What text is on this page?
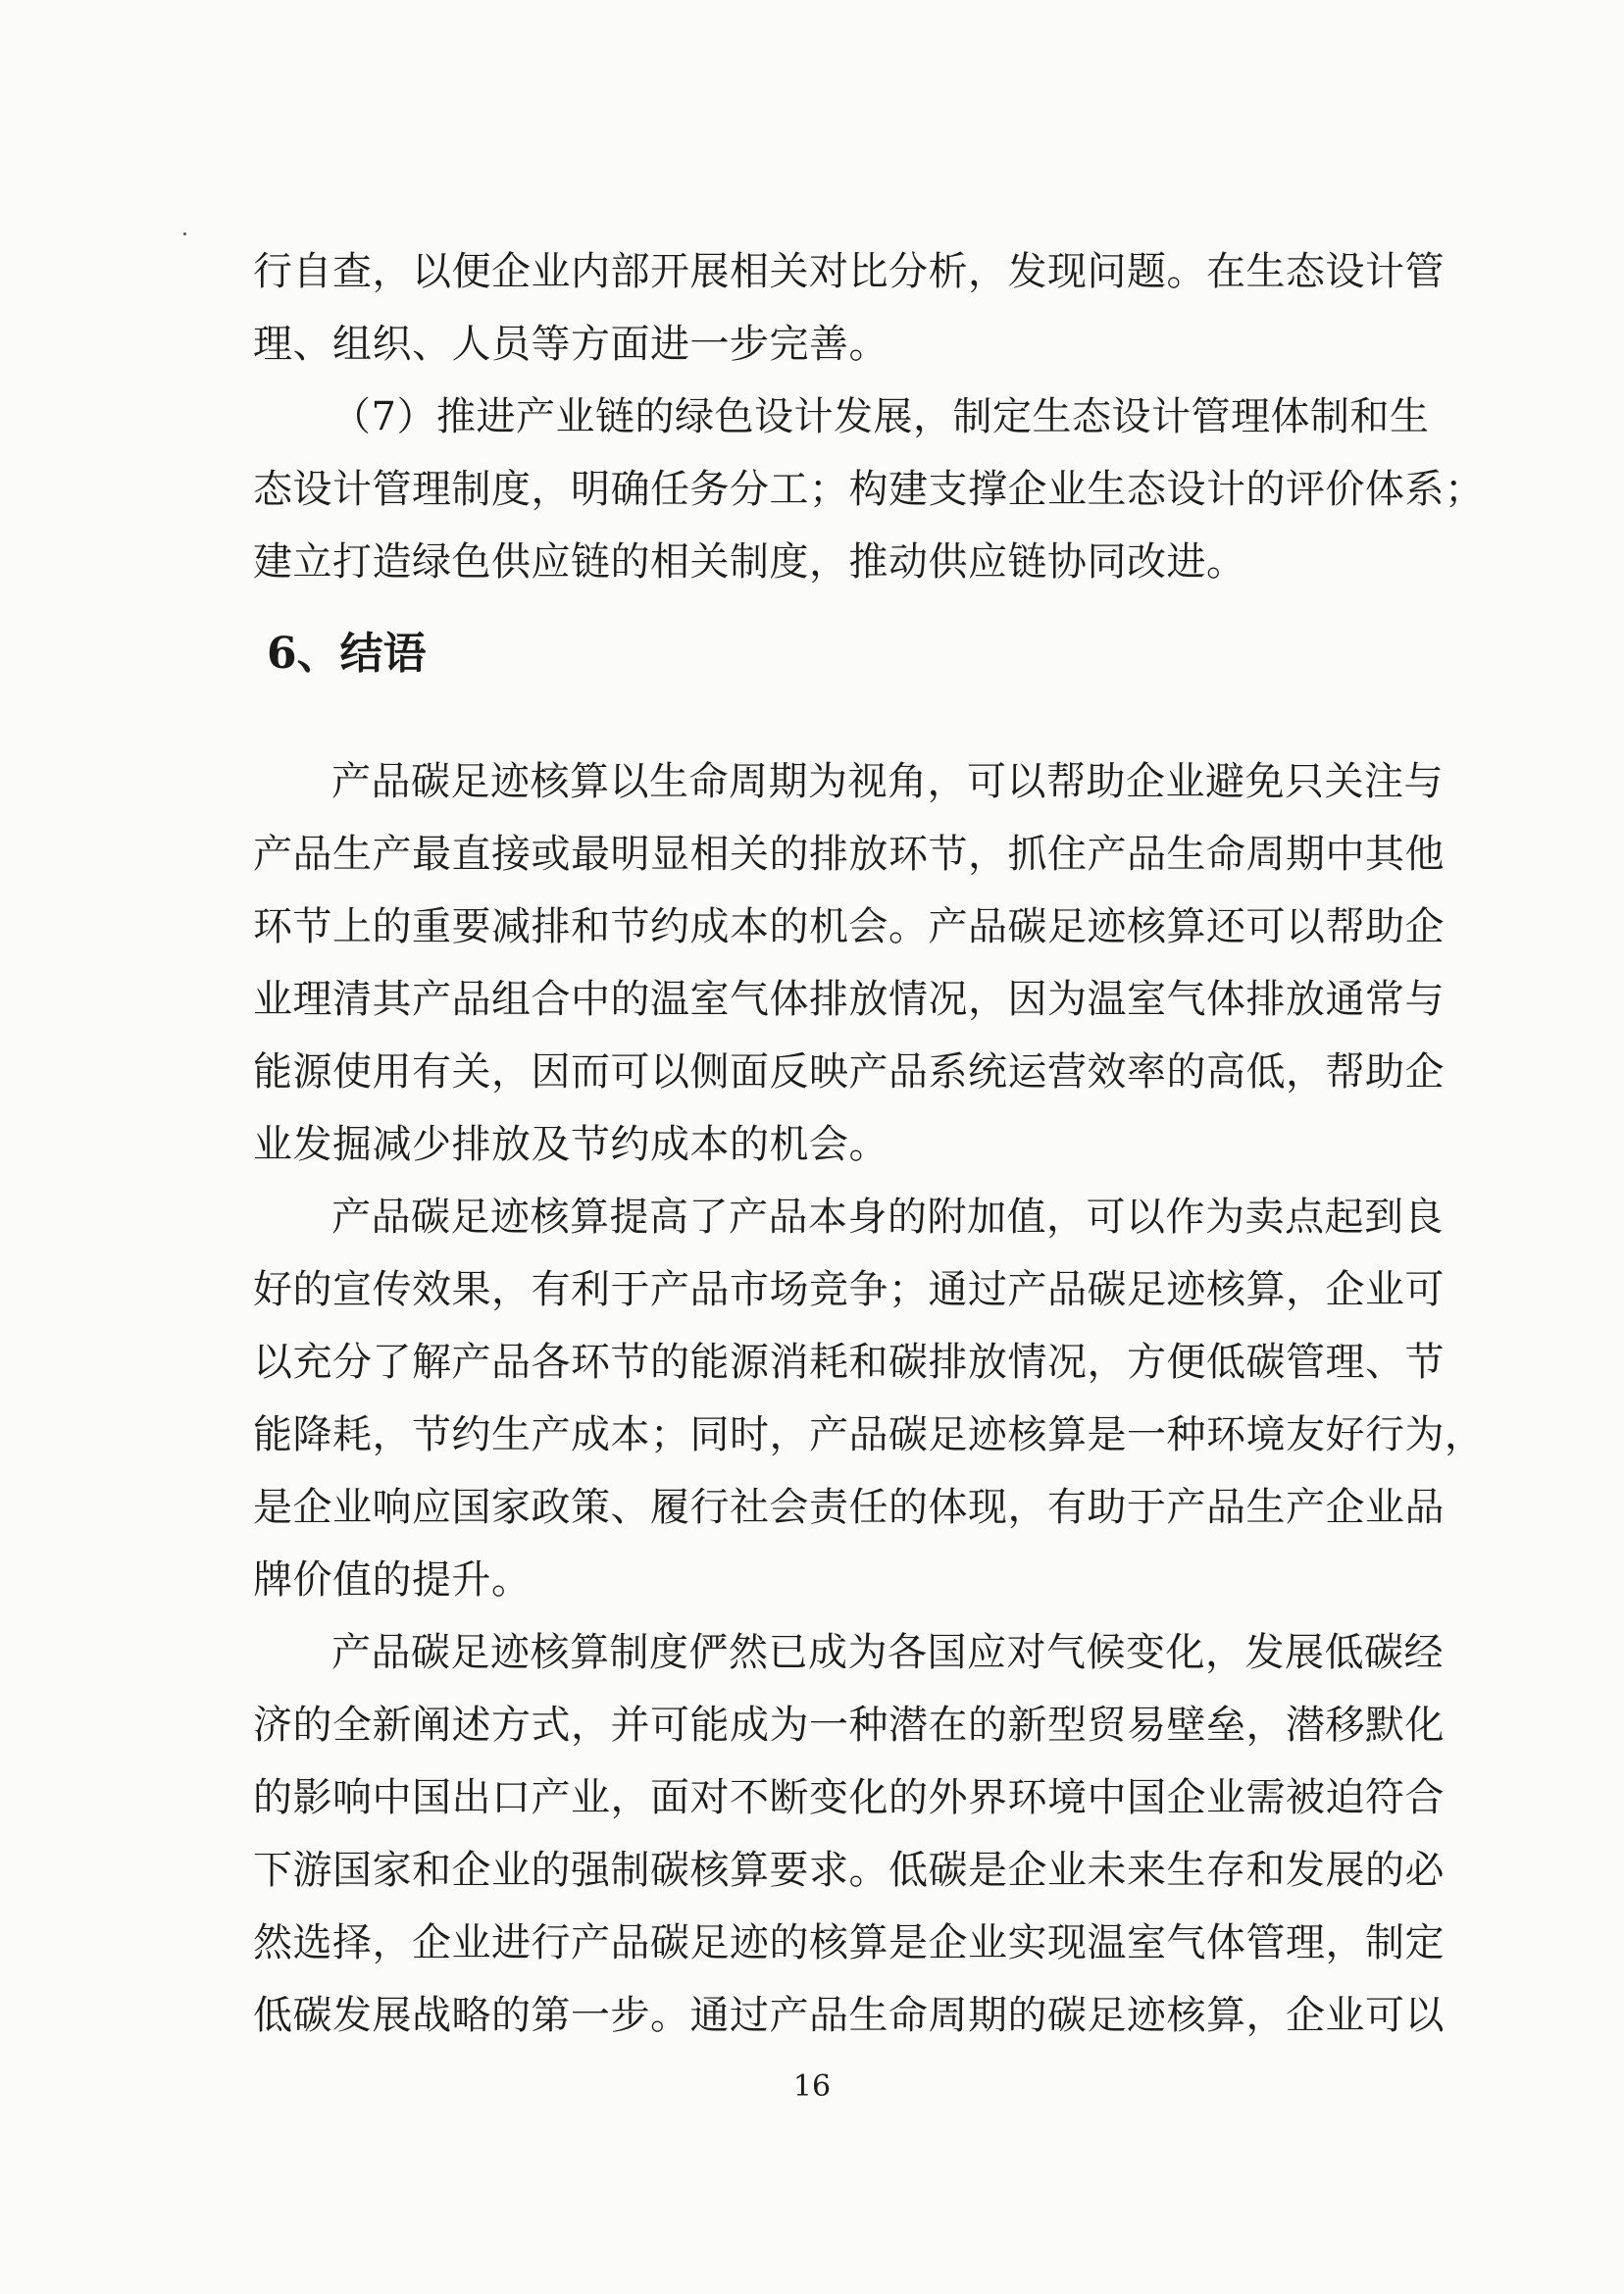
行自查，以便企业内部开展相关对比分析，发现问题。在生态设计管
理、组织、人员等方面进一步完善。
（7）推进产业链的绿色设计发展，制定生态设计管理体制和生
态设计管理制度，明确任务分工；构建支撑企业生态设计的评价体系；
建立打造绿色供应链的相关制度，推动供应链协同改进。
6、结语
产品碳足迹核算以生命周期为视角，可以帮助企业避免只关注与
产品生产最直接或最明显相关的排放环节，抓住产品生命周期中其他
环节上的重要减排和节约成本的机会。产品碳足迹核算还可以帮助企
业理清其产品组合中的温室气体排放情况，因为温室气体排放通常与
能源使用有关，因而可以侧面反映产品系统运营效率的高低，帮助企
业发掘减少排放及节约成本的机会。
产品碳足迹核算提高了产品本身的附加值，可以作为卖点起到良
好的宣传效果，有利于产品市场竞争；通过产品碳足迹核算，企业可
以充分了解产品各环节的能源消耗和碳排放情况，方便低碳管理、节
能降耗，节约生产成本；同时，产品碳足迹核算是一种环境友好行为，
是企业响应国家政策、履行社会责任的体现，有助于产品生产企业品
牌价值的提升。
产品碳足迹核算制度俨然已成为各国应对气候变化，发展低碳经
济的全新阐述方式，并可能成为一种潜在的新型贸易壁垒，潜移默化
的影响中国出口产业，面对不断变化的外界环境中国企业需被迫符合
下游国家和企业的强制碳核算要求。低碳是企业未来生存和发展的必
然选择，企业进行产品碳足迹的核算是企业实现温室气体管理，制定
低碳发展战略的第一步。通过产品生命周期的碳足迹核算，企业可以
16
